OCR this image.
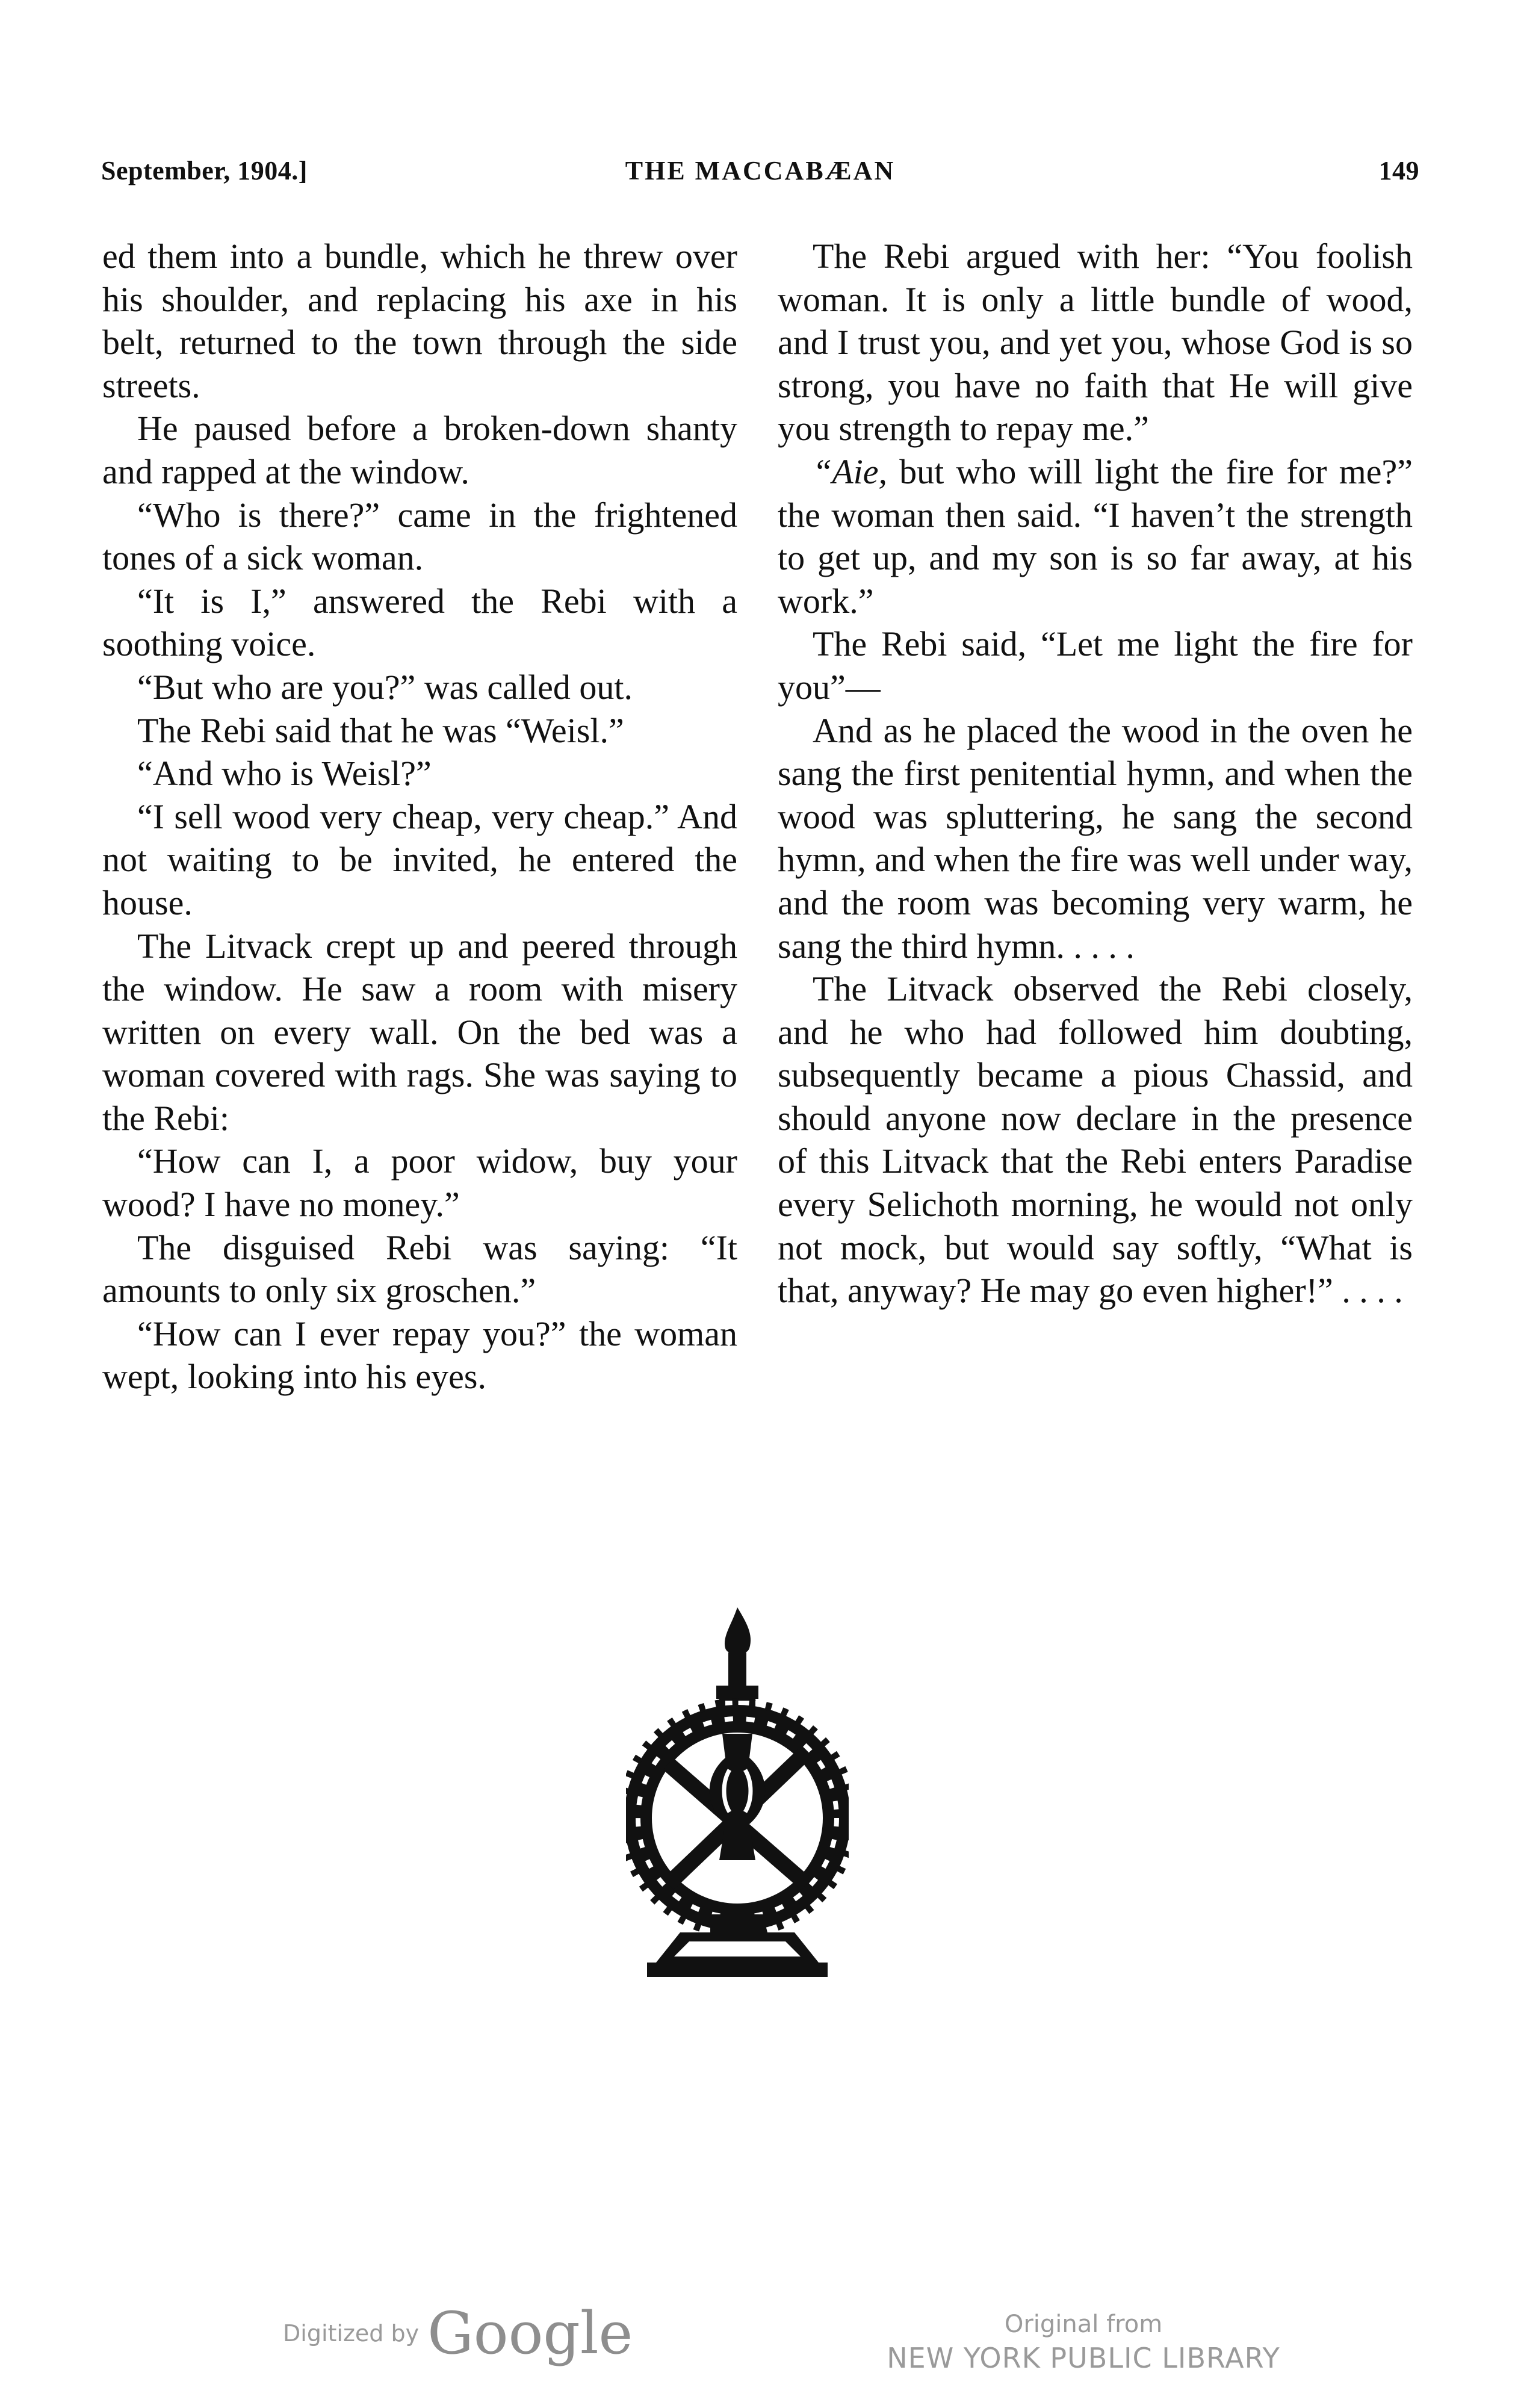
September, 1904.]	THE MACCABÆAN	149

ed them into a bundle, which he threw over his shoulder, and replacing his axe in his belt, returned to the town through the side streets.

He paused before a broken-down shanty and rapped at the window.

“Who is there?” came in the frightened tones of a sick woman.

“It is I,” answered the Rebi with a soothing voice.

“But who are you?” was called out.

The Rebi said that he was “Weisl.”

“And who is Weisl?”

“I sell wood very cheap, very cheap.” And not waiting to be invited, he entered the house.

The Litvack crept up and peered through the window. He saw a room with misery written on every wall. On the bed was a woman covered with rags. She was saying to the Rebi:

“How can I, a poor widow, buy your wood? I have no money.”

The disguised Rebi was saying: “It amounts to only six groschen.”

“How can I ever repay you?” the woman wept, looking into his eyes.

The Rebi argued with her: “You foolish woman. It is only a little bundle of wood, and I trust you, and yet you, whose God is so strong, you have no faith that He will give you strength to repay me.”

“Aie, but who will light the fire for me?” the woman then said. “I haven’t the strength to get up, and my son is so far away, at his work.”

The Rebi said, “Let me light the fire for you”—

And as he placed the wood in the oven he sang the first penitential hymn, and when the wood was spluttering, he sang the second hymn, and when the fire was well under way, and the room was becoming very warm, he sang the third hymn. . . . .

The Litvack observed the Rebi closely, and he who had followed him doubting, subsequently became a pious Chassid, and should anyone now declare in the presence of this Litvack that the Rebi enters Paradise every Selichoth morning, he would not only not mock, but would say softly, “What is that, anyway? He may go even higher!” . . . .

Digitized by Google	Original from
NEW YORK PUBLIC LIBRARY
